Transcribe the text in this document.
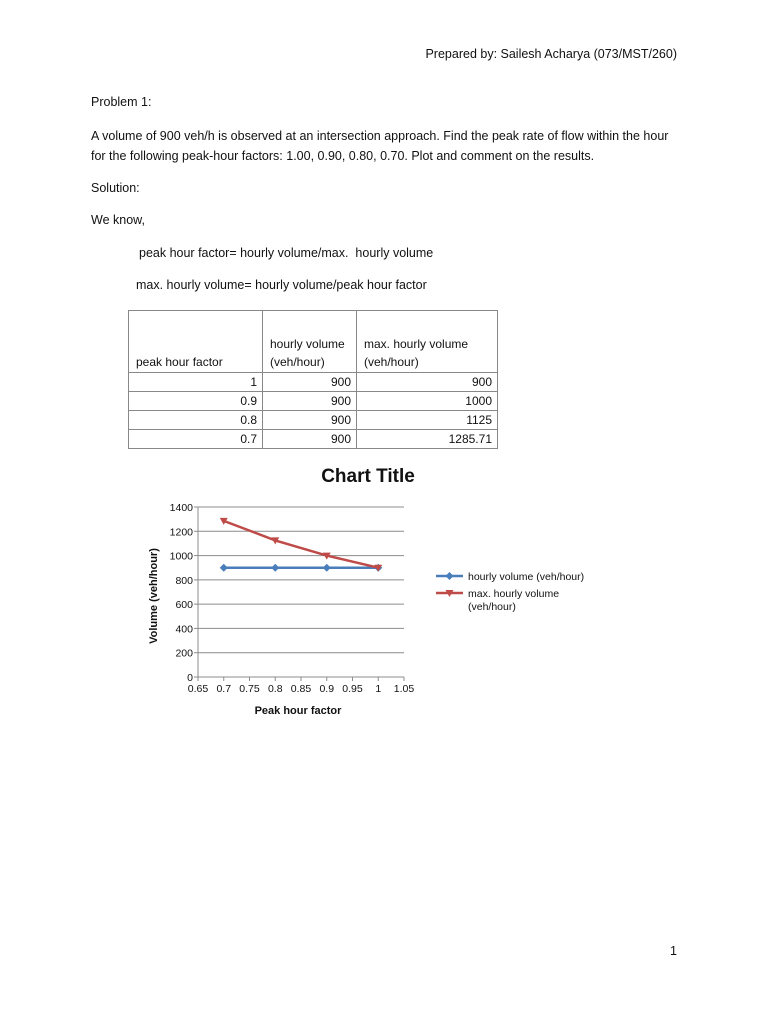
Prepared by: Sailesh Acharya (073/MST/260)
Problem 1:
A volume of 900 veh/h is observed at an intersection approach. Find the peak rate of flow within the hour for the following peak-hour factors: 1.00, 0.90, 0.80, 0.70. Plot and comment on the results.
Solution:
We know,
peak hour factor= hourly volume/max.  hourly volume
max. hourly volume= hourly volume/peak hour factor
peak hour factor	hourly volume (veh/hour)	max. hourly volume (veh/hour)
1	900	900
0.9	900	1000
0.8	900	1125
0.7	900	1285.71
Chart Title
0
200
400
600
800
1000
1200
1400
0.65 0.7 0.75 0.8 0.85 0.9 0.95 1 1.05
Peak hour factor
Volume (veh/hour)	hourly volume (veh/hour)
max. hourly volume (veh/hour)
1
